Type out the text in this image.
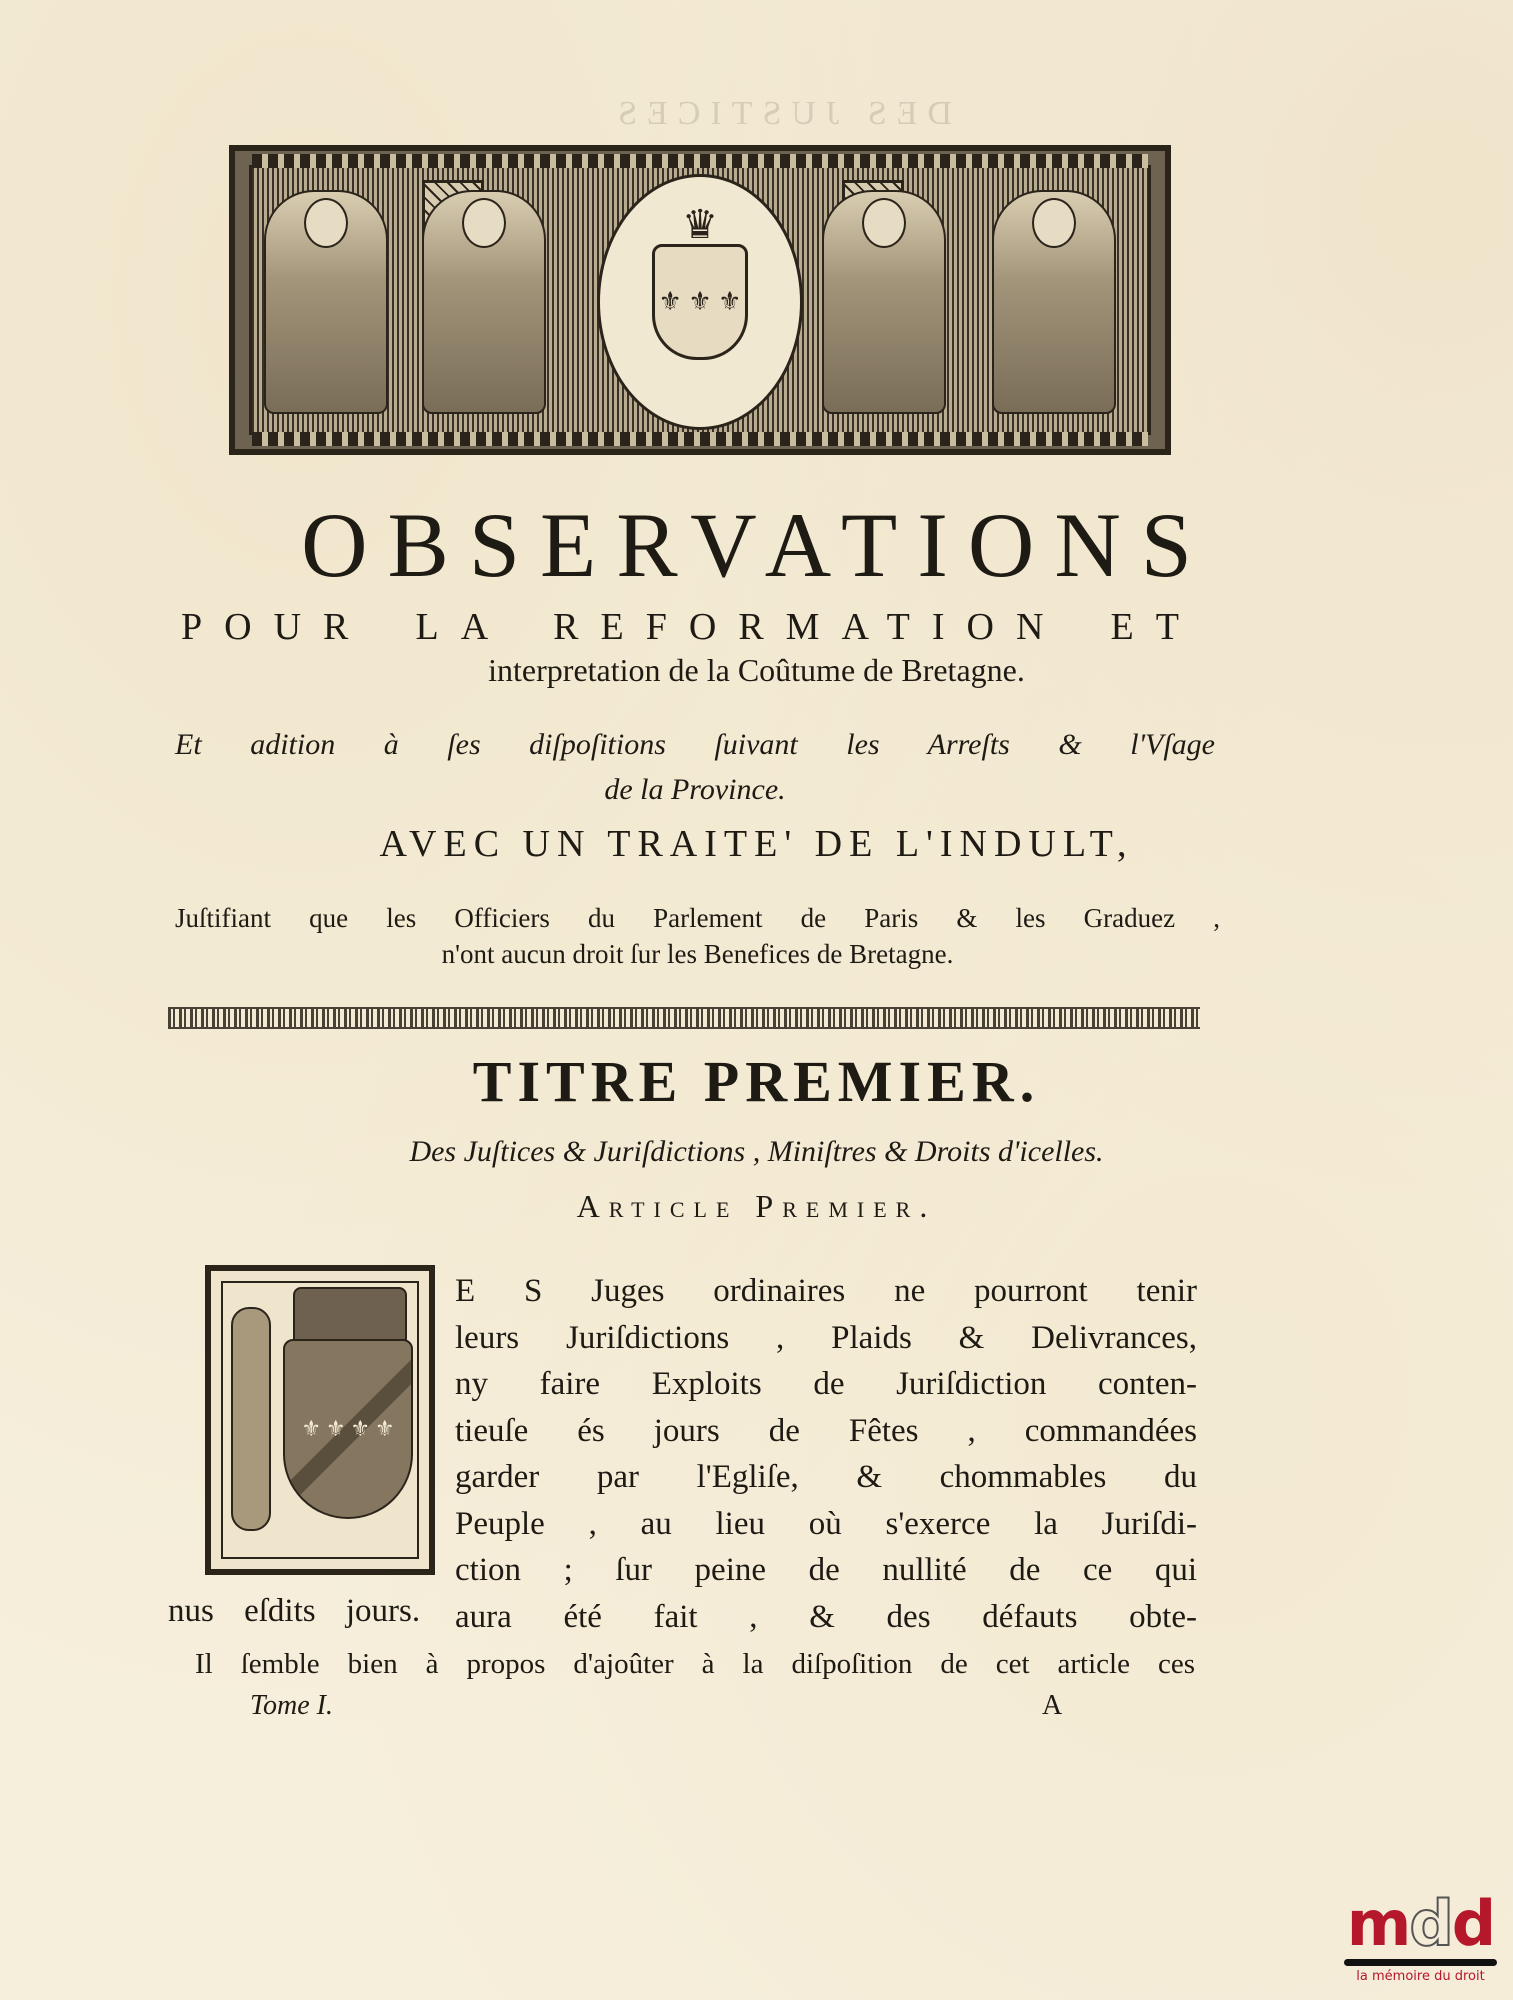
DES JUSTICES
♛
⚜ ⚜ ⚜
OBSERVATIONS
POUR LA REFORMATION ET
interpretation de la Coûtume de Bretagne.
Et adition à ſes diſpoſitions ſuivant les Arreſts & l'Vſage
de la Province.
AVEC UN TRAITE' DE L'INDULT,
Juſtifiant que les Officiers du Parlement de Paris & les Graduez ,
n'ont aucun droit ſur les Benefices de Bretagne.
TITRE PREMIER.
Des Juſtices & Juriſdictions , Miniſtres & Droits d'icelles.
Article Premier.
⚜ ⚜ ⚜ ⚜
E S Juges ordinaires ne pourront tenir
leurs Juriſdictions , Plaids & Delivrances,
ny faire Exploits de Juriſdiction conten-
tieuſe és jours de Fêtes , commandées
garder par l'Egliſe, & chommables du
Peuple , au lieu où s'exerce la Juriſdi-
ction ; ſur peine de nullité de ce qui
aura été fait , & des défauts obte-
nus eſdits jours.
Il ſemble bien à propos d'ajoûter à la diſpoſition de cet article ces
Tome I.	A
mdd
la mémoire du droit
